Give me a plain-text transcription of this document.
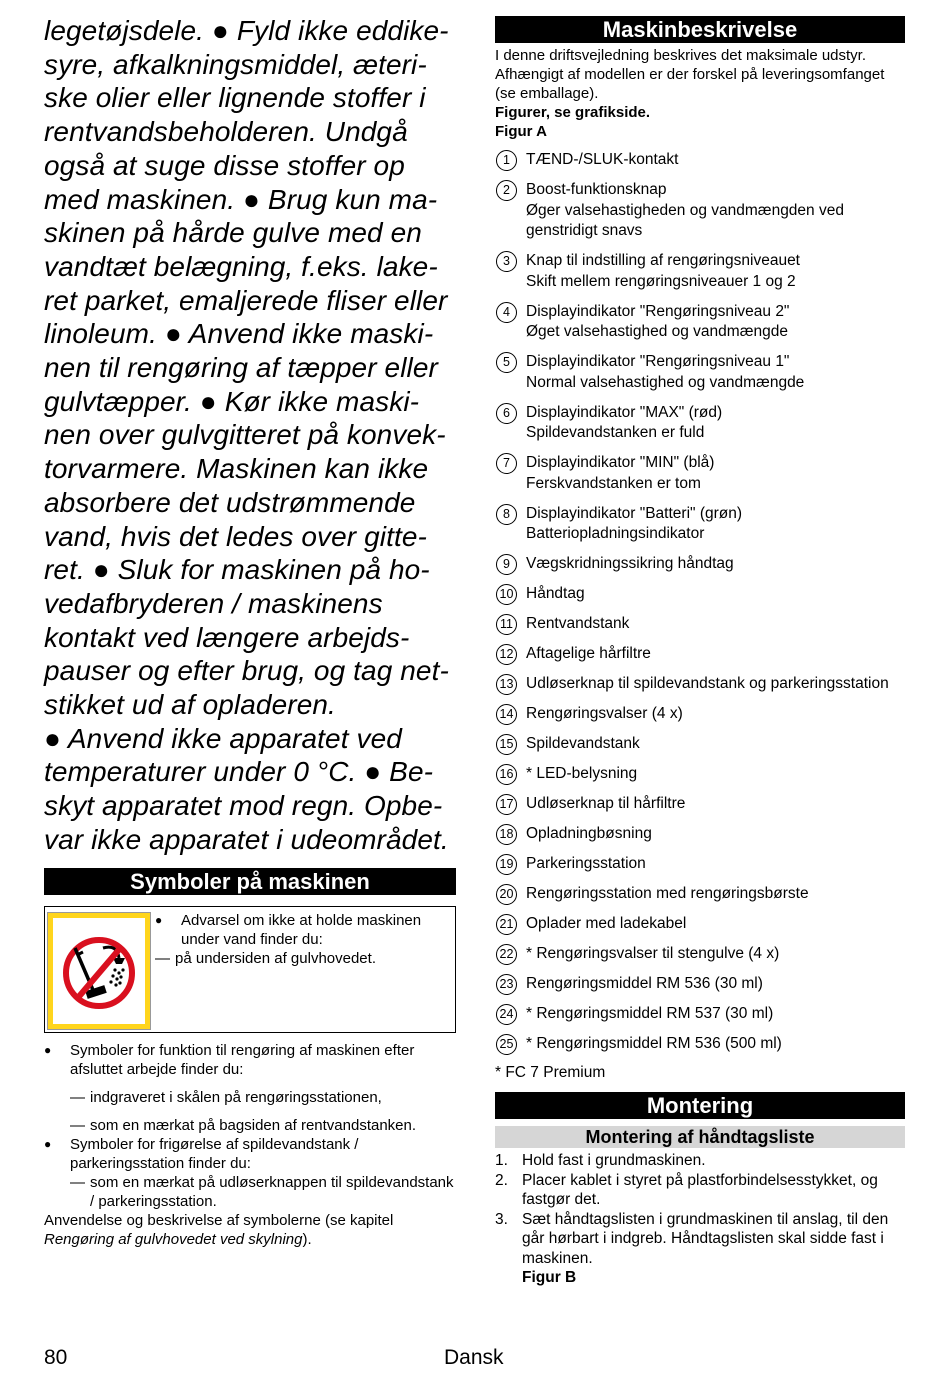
legetøjsdele. ● Fyld ikke eddike-
syre, afkalkningsmiddel, æteri-
ske olier eller lignende stoffer i
rentvandsbeholderen. Undgå
også at suge disse stoffer op
med maskinen. ● Brug kun ma-
skinen på hårde gulve med en
vandtæt belægning, f.eks. lake-
ret parket, emaljerede fliser eller
linoleum. ● Anvend ikke maski-
nen til rengøring af tæpper eller
gulvtæpper. ● Kør ikke maski-
nen over gulvgitteret på konvek-
torvarmere. Maskinen kan ikke
absorbere det udstrømmende
vand, hvis det ledes over gitte-
ret. ● Sluk for maskinen på ho-
vedafbryderen / maskinens
kontakt ved længere arbejds-
pauser og efter brug, og tag net-
stikket ud af opladeren.
● Anvend ikke apparatet ved
temperaturer under 0 °C. ● Be-
skyt apparatet mod regn. Opbe-
var ikke apparatet i udeområdet.

Symboler på maskinen
● Advarsel om ikke at holde maskinen under vand finder du:
— på undersiden af gulvhovedet.
● Symboler for funktion til rengøring af maskinen efter afsluttet arbejde finder du:
— indgraveret i skålen på rengøringsstationen,
— som en mærkat på bagsiden af rentvandstanken.
● Symboler for frigørelse af spildevandstank / parkeringsstation finder du:
— som en mærkat på udløserknappen til spildevandstank / parkeringsstation.
Anvendelse og beskrivelse af symbolerne (se kapitel Rengøring af gulvhovedet ved skylning).
Maskinbeskrivelse
I denne driftsvejledning beskrives det maksimale udstyr. Afhængigt af modellen er der forskel på leveringsomfanget (se emballage).
Figurer, se grafikside.
Figur A
1	TÆND-/SLUK-kontakt
2	Boost-funktionsknap
Øger valsehastigheden og vandmængden ved genstridigt snavs
3	Knap til indstilling af rengøringsniveauet
Skift mellem rengøringsniveauer 1 og 2
4	Displayindikator "Rengøringsniveau 2"
Øget valsehastighed og vandmængde
5	Displayindikator "Rengøringsniveau 1"
Normal valsehastighed og vandmængde
6	Displayindikator "MAX" (rød)
Spildevandstanken er fuld
7	Displayindikator "MIN" (blå)
Ferskvandstanken er tom
8	Displayindikator "Batteri" (grøn)
Batteriopladningsindikator
9	Vægskridningssikring håndtag
10 Håndtag
11 Rentvandstank
12 Aftagelige hårfiltre
13 Udløserknap til spildevandstank og parkeringsstation
14 Rengøringsvalser (4 x)
15 Spildevandstank
16 * LED-belysning
17 Udløserknap til hårfiltre
18 Opladningbøsning
19 Parkeringsstation
20 Rengøringsstation med rengøringsbørste
21 Oplader med ladekabel
22 * Rengøringsvalser til stengulve (4 x)
23 Rengøringsmiddel RM 536 (30 ml)
24 * Rengøringsmiddel RM 537 (30 ml)
25 * Rengøringsmiddel RM 536 (500 ml)
* FC 7 Premium
Montering
Montering af håndtagsliste
1. Hold fast i grundmaskinen.
2. Placer kablet i styret på plastforbindelsesstykket, og fastgør det.
3. Sæt håndtagslisten i grundmaskinen til anslag, til den går hørbart i indgreb. Håndtagslisten skal sidde fast i maskinen.
Figur B
80	Dansk
